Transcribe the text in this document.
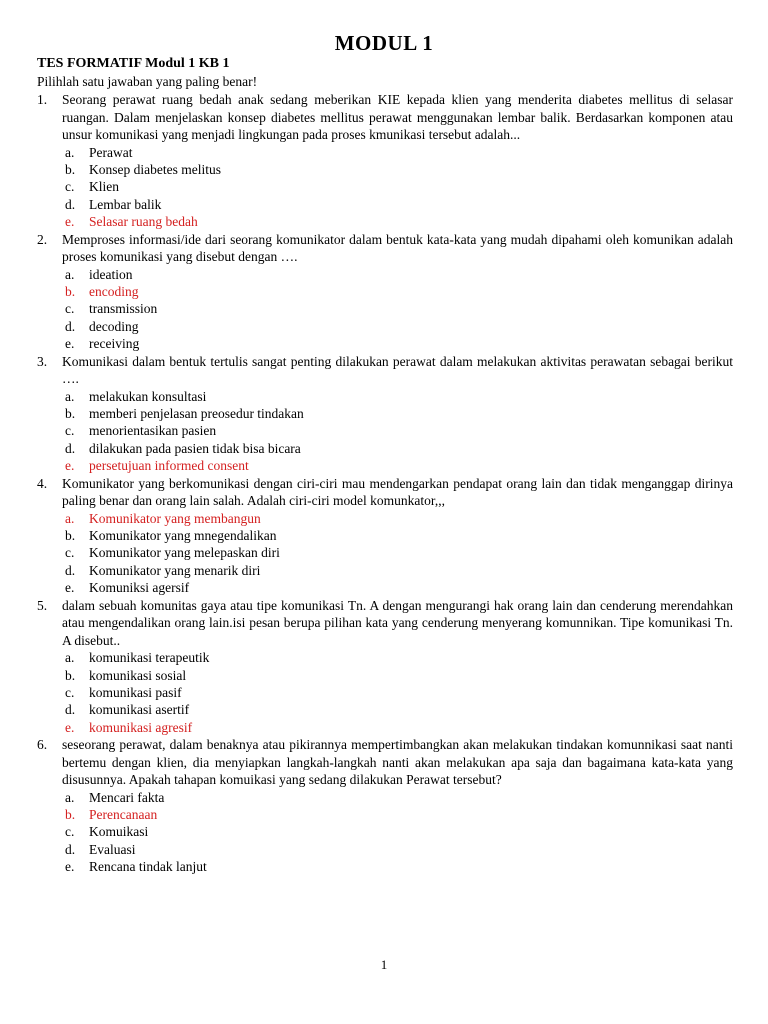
MODUL 1
TES FORMATIF Modul 1 KB 1
Pilihlah satu jawaban yang paling benar!
1. Seorang perawat ruang bedah anak sedang meberikan KIE kepada klien yang menderita diabetes mellitus di selasar ruangan. Dalam menjelaskan konsep diabetes mellitus perawat menggunakan lembar balik. Berdasarkan komponen atau unsur komunikasi yang menjadi lingkungan pada proses kmunikasi tersebut adalah...
a. Perawat
b. Konsep diabetes melitus
c. Klien
d. Lembar balik
e. Selasar ruang bedah
2. Memproses informasi/ide dari seorang komunikator dalam bentuk kata-kata yang mudah dipahami oleh komunikan adalah proses komunikasi yang disebut dengan ….
a. ideation
b. encoding
c. transmission
d. decoding
e. receiving
3. Komunikasi dalam bentuk tertulis sangat penting dilakukan perawat dalam melakukan aktivitas perawatan sebagai berikut ….
a. melakukan konsultasi
b. memberi penjelasan preosedur tindakan
c. menorientasikan pasien
d. dilakukan pada pasien tidak bisa bicara
e. persetujuan informed consent
4. Komunikator yang berkomunikasi dengan ciri-ciri mau mendengarkan pendapat orang lain dan tidak menganggap dirinya paling benar dan orang lain salah. Adalah ciri-ciri model komunkator,,,
a. Komunikator yang membangun
b. Komunikator yang mnegendalikan
c. Komunikator yang melepaskan diri
d. Komunikator yang menarik diri
e. Komuniksi agersif
5. dalam sebuah komunitas gaya atau tipe komunikasi Tn. A dengan mengurangi hak orang lain dan cenderung merendahkan atau mengendalikan orang lain.isi pesan berupa pilihan kata yang cenderung menyerang komunnikan. Tipe komunikasi Tn. A disebut..
a. komunikasi terapeutik
b. komunikasi sosial
c. komunikasi pasif
d. komunikasi asertif
e. komunikasi agresif
6. seseorang perawat, dalam benaknya atau pikirannya mempertimbangkan akan melakukan tindakan komunnikasi saat nanti bertemu dengan klien, dia menyiapkan langkah-langkah nanti akan melakukan apa saja dan bagaimana kata-kata yang disusunnya. Apakah tahapan komuikasi yang sedang dilakukan Perawat tersebut?
a. Mencari fakta
b. Perencanaan
c. Komuikasi
d. Evaluasi
e. Rencana tindak lanjut
1
